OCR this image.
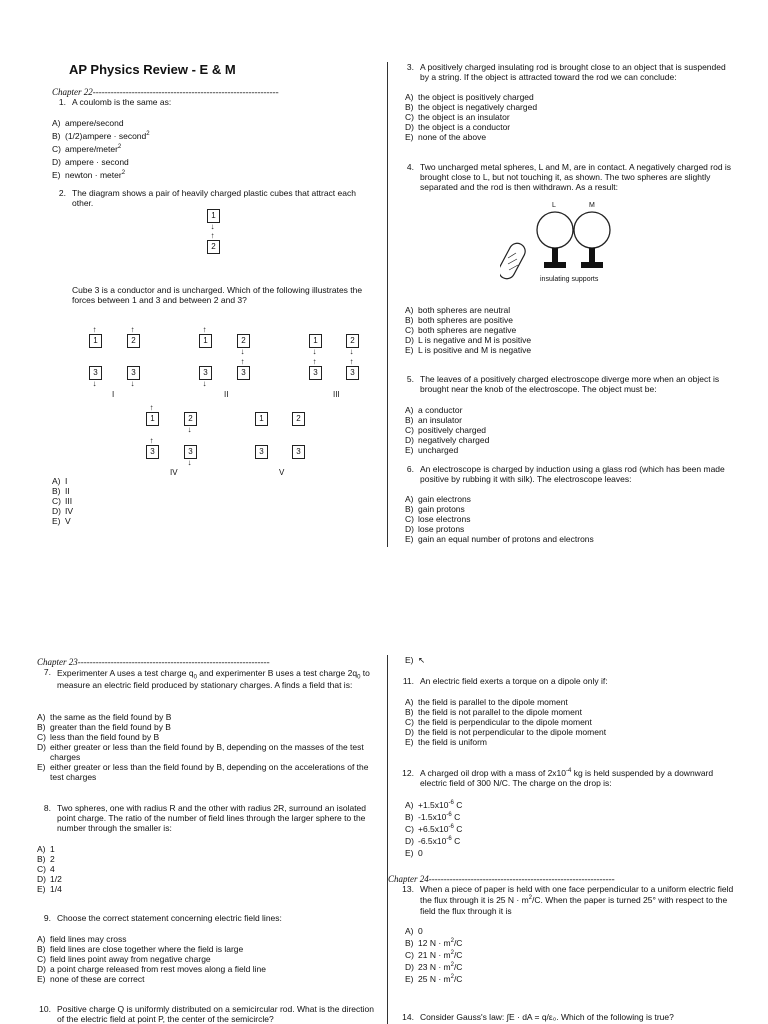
AP Physics Review - E & M
Chapter 22--------------------------------------------------------------
1. A coulomb is the same as:
A) ampere/second
B) (1/2)ampere · second$^2$
C) ampere/meter$^2$
D) ampere · second
E) newton · meter$^2$
2. The diagram shows a pair of heavily charged plastic cubes that attract each other.
1
↓
↑
2
Cube 3 is a conductor and is uncharged. Which of the following illustrates the forces between 1 and 3 and between 2 and 3?
↑
1
↑
2
3
↓
3
↓
I
↑
1	2
↓
↑
3
↓
3
II
1
↓
↑
2
↓
↑
3	3
III
↑
1	2
↓
↑
3	3
↓
IV
1	2
3	3
V
A) I
B) II
C) III
D) IV
E) V
3. A positively charged insulating rod is brought close to an object that is suspended by a string. If the object is attracted toward the rod we can conclude:
A) the object is positively charged
B) the object is negatively charged
C) the object is an insulator
D) the object is a conductor
E) none of the above
4. Two uncharged metal spheres, L and M, are in contact. A negatively charged rod is brought close to L, but not touching it, as shown. The two spheres are slightly separated and the rod is then withdrawn. As a result:
L	M
insulating supports
A) both spheres are neutral
B) both spheres are positive
C) both spheres are negative
D) L is negative and M is positive
E) L is positive and M is negative
5. The leaves of a positively charged electroscope diverge more when an object is brought near the knob of the electroscope. The object must be:
A) a conductor
B) an insulator
C) positively charged
D) negatively charged
E) uncharged
6. An electroscope is charged by induction using a glass rod (which has been made positive by rubbing it with silk). The electroscope leaves:
A) gain electrons
B) gain protons
C) lose electrons
D) lose protons
E) gain an equal number of protons and electrons
Chapter 23----------------------------------------------------------------
7. Experimenter A uses a test charge $q_0$ and experimenter B uses a test charge $2q_0$ to measure an electric field produced by stationary charges. A finds a field that is:
A) the same as the field found by B
B) greater than the field found by B
C) less than the field found by B
D) either greater or less than the field found by B, depending on the masses of the test charges
E) either greater or less than the field found by B, depending on the accelerations of the test charges
8. Two spheres, one with radius R and the other with radius 2R, surround an isolated point charge. The ratio of the number of field lines through the larger sphere to the number through the smaller is:
A) 1
B) 2
C) 4
D) 1/2
E) 1/4
9. Choose the correct statement concerning electric field lines:
A) field lines may cross
B) field lines are close together where the field is large
C) field lines point away from negative charge
D) a point charge released from rest moves along a field line
E) none of these are correct
10. Positive charge Q is uniformly distributed on a semicircular rod. What is the direction of the electric field at point P, the center of the semicircle?
E) ↖
11. An electric field exerts a torque on a dipole only if:
A) the field is parallel to the dipole moment
B) the field is not parallel to the dipole moment
C) the field is perpendicular to the dipole moment
D) the field is not perpendicular to the dipole moment
E) the field is uniform
12. A charged oil drop with a mass of $2x10^{-4}$ kg is held suspended by a downward electric field of 300 N/C. The charge on the drop is:
$A) +1.5x10^{-6}$ C
B) $-1.5x10^{-6}$ C
$C) +6.5x10^{-6}$ C
D) $-6.5x10^{-6}$ C
E) 0
Chapter 24--------------------------------------------------------------
13. When a piece of paper is held with one face perpendicular to a uniform electric field the flux through it is 25 $N \cdot m^2/C$. When the paper is turned 25° with respect to the field the flux through it is
A) 0
B) 12 $N \cdot m^2/C$
C) 21 $N \cdot m^2/C$
D) 23 $N \cdot m^2/C$
E) 25 $N \cdot m^2/C$
14. Consider Gauss's law: ∫E · dA = q/ε₀. Which of the following is true?
